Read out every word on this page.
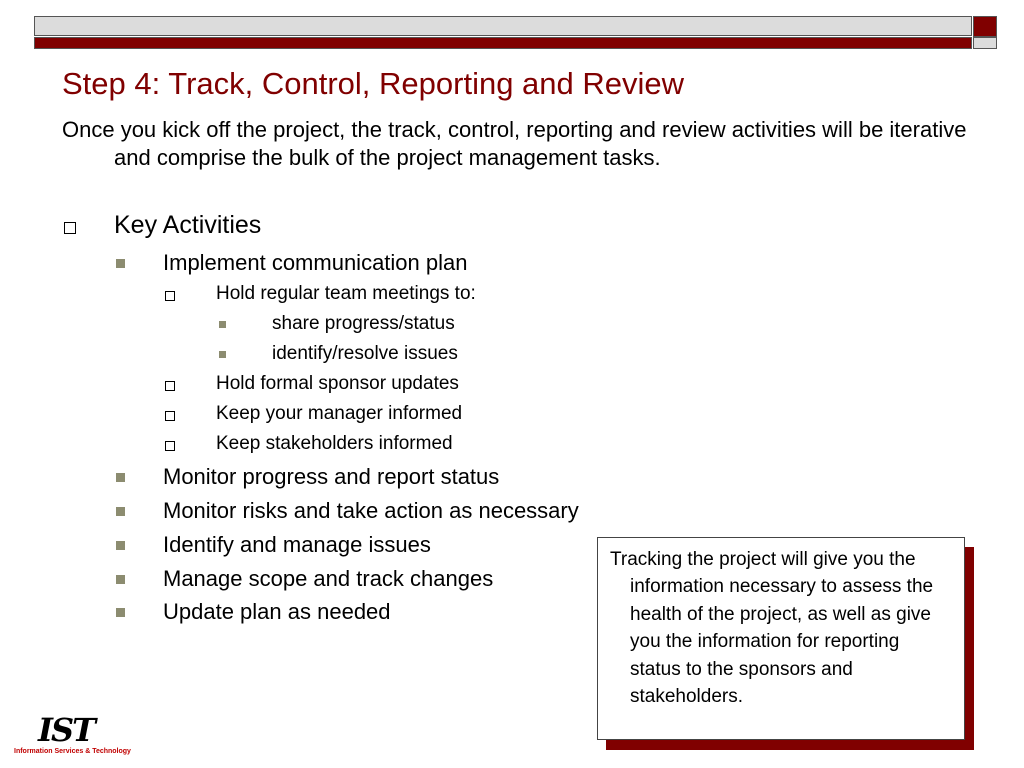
Step 4: Track, Control, Reporting and Review

Once you kick off the project, the track, control, reporting and review activities will be iterative and comprise the bulk of the project management tasks.

Key Activities
Implement communication plan
Hold regular team meetings to:
share progress/status
identify/resolve issues
Hold formal sponsor updates
Keep your manager informed
Keep stakeholders informed
Monitor progress and report status
Monitor risks and take action as necessary
Identify and manage issues
Manage scope and track changes
Update plan as needed

Tracking the project will give you the information necessary to assess the health of the project, as well as give you the information for reporting status to the sponsors and stakeholders.

IST
Information Services & Technology
